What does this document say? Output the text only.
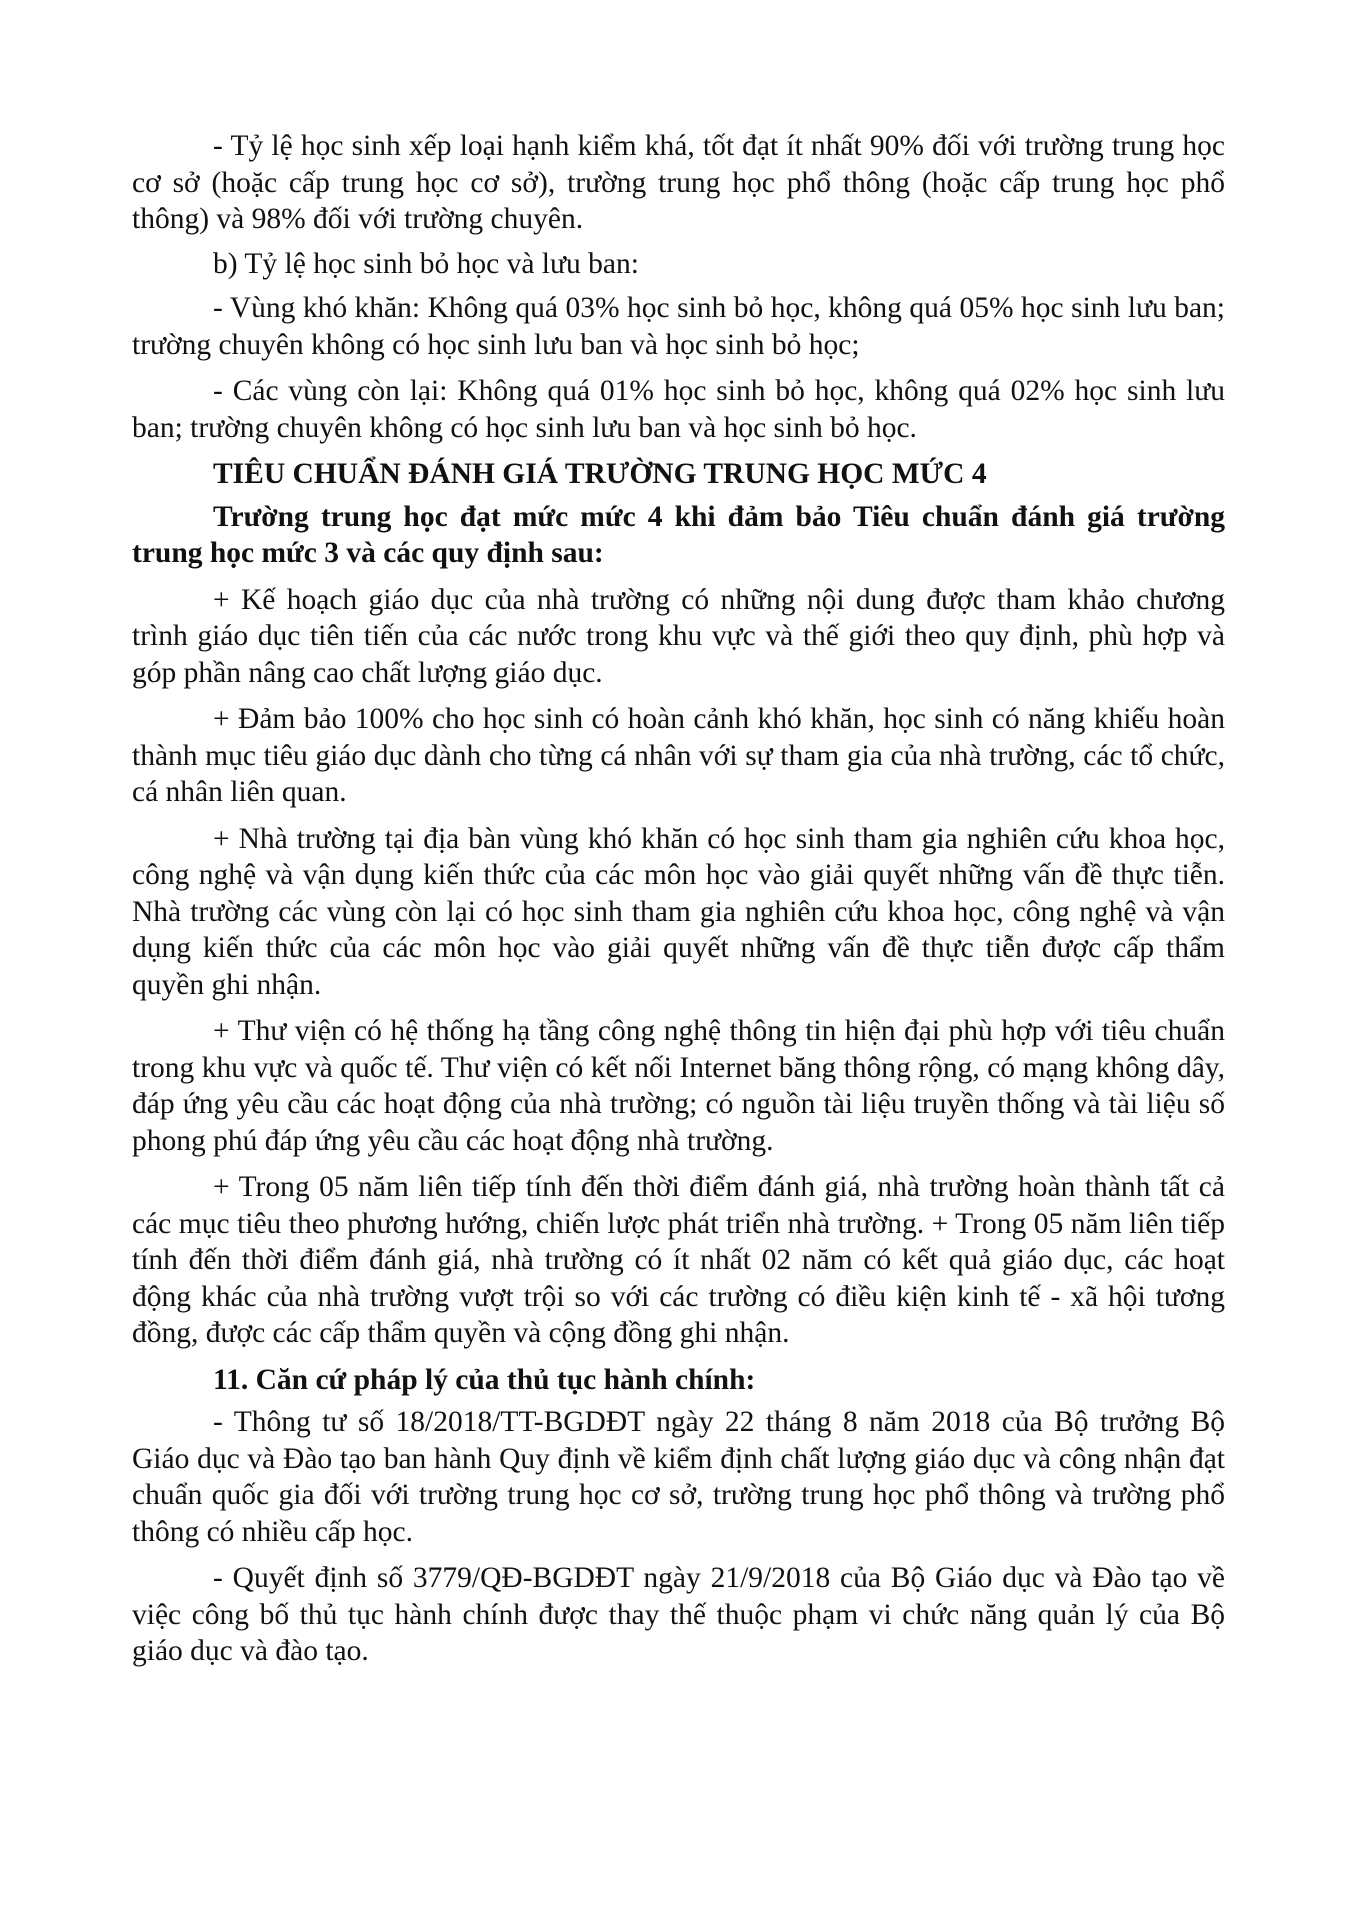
- Tỷ lệ học sinh xếp loại hạnh kiểm khá, tốt đạt ít nhất 90% đối với trường trung học cơ sở (hoặc cấp trung học cơ sở), trường trung học phổ thông (hoặc cấp trung học phổ thông) và 98% đối với trường chuyên.

b) Tỷ lệ học sinh bỏ học và lưu ban:

- Vùng khó khăn: Không quá 03% học sinh bỏ học, không quá 05% học sinh lưu ban; trường chuyên không có học sinh lưu ban và học sinh bỏ học;

- Các vùng còn lại: Không quá 01% học sinh bỏ học, không quá 02% học sinh lưu ban; trường chuyên không có học sinh lưu ban và học sinh bỏ học.

TIÊU CHUẨN ĐÁNH GIÁ TRƯỜNG TRUNG HỌC MỨC 4

Trường trung học đạt mức mức 4 khi đảm bảo Tiêu chuẩn đánh giá trường trung học mức 3 và các quy định sau:

+ Kế hoạch giáo dục của nhà trường có những nội dung được tham khảo chương trình giáo dục tiên tiến của các nước trong khu vực và thế giới theo quy định, phù hợp và góp phần nâng cao chất lượng giáo dục.

+ Đảm bảo 100% cho học sinh có hoàn cảnh khó khăn, học sinh có năng khiếu hoàn thành mục tiêu giáo dục dành cho từng cá nhân với sự tham gia của nhà trường, các tổ chức, cá nhân liên quan.

+ Nhà trường tại địa bàn vùng khó khăn có học sinh tham gia nghiên cứu khoa học, công nghệ và vận dụng kiến thức của các môn học vào giải quyết những vấn đề thực tiễn. Nhà trường các vùng còn lại có học sinh tham gia nghiên cứu khoa học, công nghệ và vận dụng kiến thức của các môn học vào giải quyết những vấn đề thực tiễn được cấp thẩm quyền ghi nhận.

+ Thư viện có hệ thống hạ tầng công nghệ thông tin hiện đại phù hợp với tiêu chuẩn trong khu vực và quốc tế. Thư viện có kết nối Internet băng thông rộng, có mạng không dây, đáp ứng yêu cầu các hoạt động của nhà trường; có nguồn tài liệu truyền thống và tài liệu số phong phú đáp ứng yêu cầu các hoạt động nhà trường.

+ Trong 05 năm liên tiếp tính đến thời điểm đánh giá, nhà trường hoàn thành tất cả các mục tiêu theo phương hướng, chiến lược phát triển nhà trường. + Trong 05 năm liên tiếp tính đến thời điểm đánh giá, nhà trường có ít nhất 02 năm có kết quả giáo dục, các hoạt động khác của nhà trường vượt trội so với các trường có điều kiện kinh tế - xã hội tương đồng, được các cấp thẩm quyền và cộng đồng ghi nhận.

11. Căn cứ pháp lý của thủ tục hành chính:

- Thông tư số 18/2018/TT-BGDĐT ngày 22 tháng 8 năm 2018 của Bộ trưởng Bộ Giáo dục và Đào tạo ban hành Quy định về kiểm định chất lượng giáo dục và công nhận đạt chuẩn quốc gia đối với trường trung học cơ sở, trường trung học phổ thông và trường phổ thông có nhiều cấp học.

- Quyết định số 3779/QĐ-BGDĐT ngày 21/9/2018 của Bộ Giáo dục và Đào tạo về việc công bố thủ tục hành chính được thay thế thuộc phạm vi chức năng quản lý của Bộ giáo dục và đào tạo.
